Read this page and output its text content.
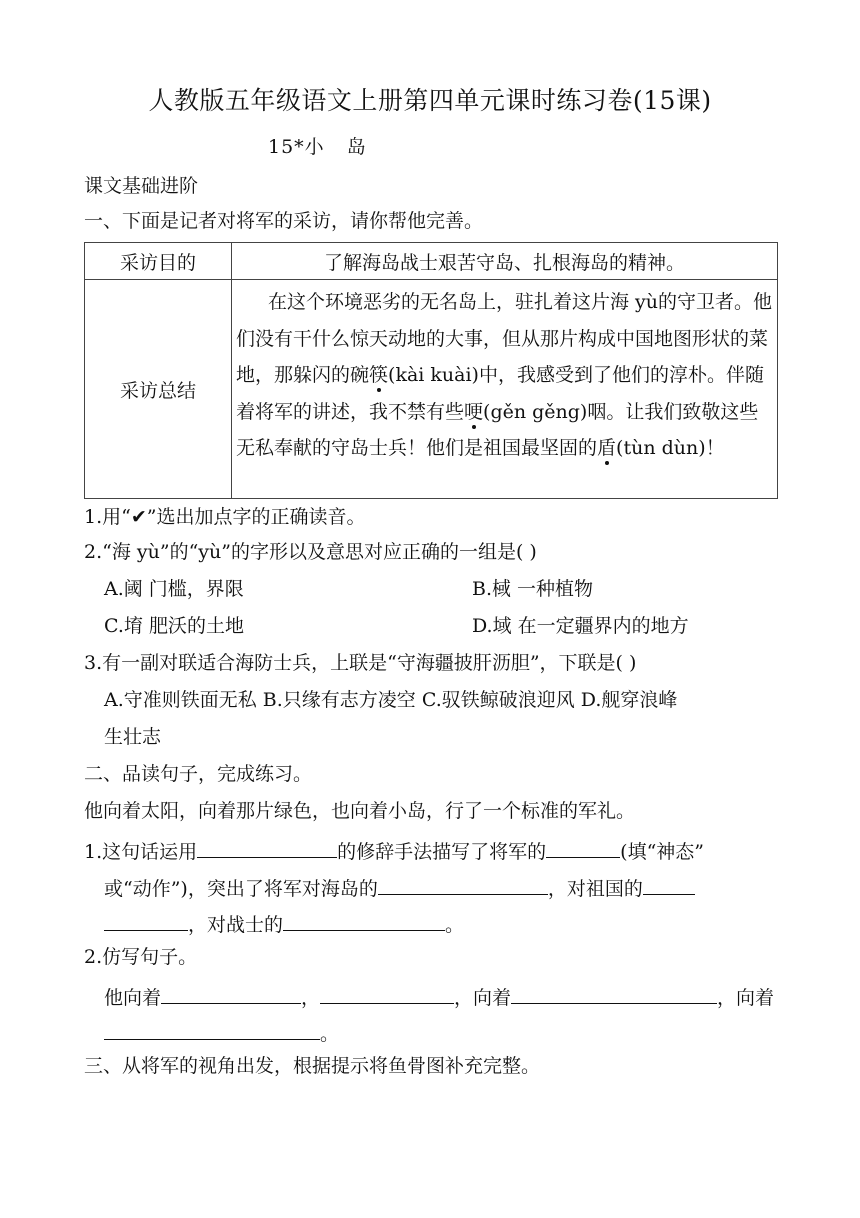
人教版五年级语文上册第四单元课时练习卷(15课)
15*小 岛
课文基础进阶
一、下面是记者对将军的采访，请你帮他完善。
采访目的	了解海岛战士艰苦守岛、扎根海岛的精神。
采访总结	在这个环境恶劣的无名岛上，驻扎着这片海 yù的守卫者。他们没有干什么惊天动地的大事，但从那片构成中国地图形状的菜地，那躲闪的碗筷(kài kuài)中，我感受到了他们的淳朴。伴随着将军的讲述，我不禁有些哽(gěn gěng)咽。让我们致敬这些无私奉献的守岛士兵！他们是祖国最坚固的盾(tùn dùn)！
1.用“✔”选出加点字的正确读音。
2.“海 yù”的“yù”的字形以及意思对应正确的一组是( )
A.阈 门槛，界限	B.棫 一种植物
C.堉 肥沃的土地	D.域 在一定疆界内的地方
3.有一副对联适合海防士兵，上联是“守海疆披肝沥胆”，下联是( )
A.守准则铁面无私 B.只缘有志方凌空 C.驭铁鲸破浪迎风 D.舰穿浪峰
生壮志
二、品读句子，完成练习。
他向着太阳，向着那片绿色，也向着小岛，行了一个标准的军礼。
1.这句话运用	的修辞手法描写了将军的	(填“神态”
或“动作”)，突出了将军对海岛的	，对祖国的
，对战士的	。
2.仿写句子。
他向着	，	，向着	，向着
。
三、从将军的视角出发，根据提示将鱼骨图补充完整。
